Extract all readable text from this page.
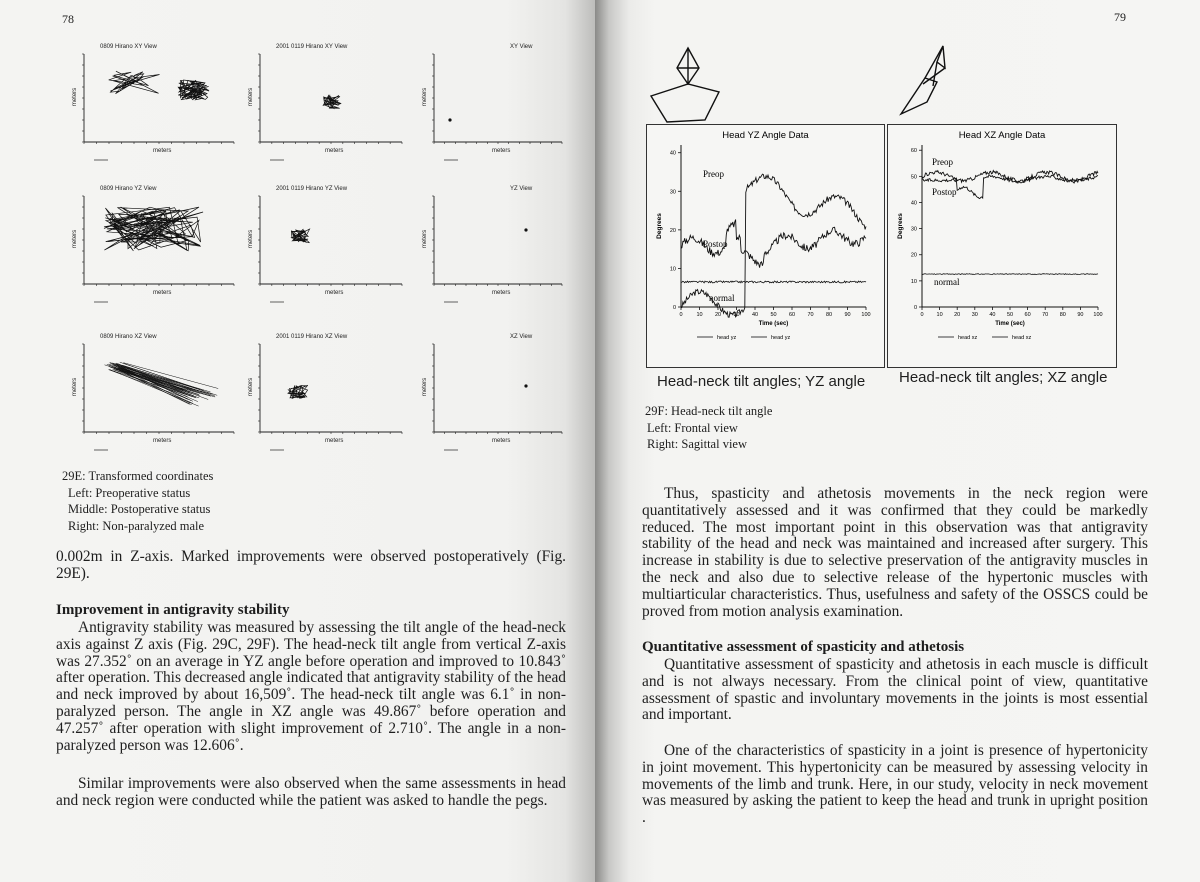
78
0809 Hirano XY View
meters
meters
2001 0119 Hirano XY View
meters
meters
XY View
meters
meters
0809 Hirano YZ View
meters
meters
2001 0119 Hirano YZ View
meters
meters
YZ View
meters
meters
0809 Hirano XZ View
meters
meters
2001 0119 Hirano XZ View
meters
meters
XZ View
meters
meters
29E: Transformed coordinates
Left: Preoperative status
Middle: Postoperative status
Right: Non-paralyzed male

0.002m in Z-axis. Marked improvements were observed postoperatively (Fig. 29E).

Improvement in antigravity stability

Antigravity stability was measured by assessing the tilt angle of the head-neck axis against Z axis (Fig. 29C, 29F). The head-neck tilt angle from vertical Z-axis was 27.352˚ on an average in YZ angle before operation and improved to 10.843˚ after operation. This decreased angle indicated that antigravity stability of the head and neck improved by about 16,509˚. The head-neck tilt angle was 6.1˚ in non-paralyzed person. The angle in XZ angle was 49.867˚ before operation and 47.257˚ after operation with slight improvement of 2.710˚. The angle in a non-paralyzed person was 12.606˚.

Similar improvements were also observed when the same assessments in head and neck region were conducted while the patient was asked to handle the pegs.

79
Head YZ Angle Data
0
10
20
30
40
0	10 20 30 40 50 60 70 80 90 100
Degrees
Time (sec)
head yz	head yz
Preop
Postop
normal
Head XZ Angle Data
0
10
20
30
40
50
60
0 10 20 30 40 50 60 70 80 90 100
Degrees
Time (sec)
head xz	head xz
Preop
Postop
normal
Head-neck tilt angles; YZ angle Head-neck tilt angles; XZ angle
29F: Head-neck tilt angle
Left: Frontal view
Right: Sagittal view

Thus, spasticity and athetosis movements in the neck region were quantitatively assessed and it was confirmed that they could be markedly reduced. The most important point in this observation was that antigravity stability of the head and neck was maintained and increased after surgery. This increase in stability is due to selective preservation of the antigravity muscles in the neck and also due to selective release of the hypertonic muscles with multiarticular characteristics. Thus, usefulness and safety of the OSSCS could be proved from motion analysis examination.

Quantitative assessment of spasticity and athetosis

Quantitative assessment of spasticity and athetosis in each muscle is difficult and is not always necessary. From the clinical point of view, quantitative assessment of spastic and involuntary movements in the joints is most essential and important.

One of the characteristics of spasticity in a joint is presence of hypertonicity in joint movement. This hypertonicity can be measured by assessing velocity in movements of the limb and trunk. Here, in our study, velocity in neck movement was measured by asking the patient to keep the head and trunk in upright position .
